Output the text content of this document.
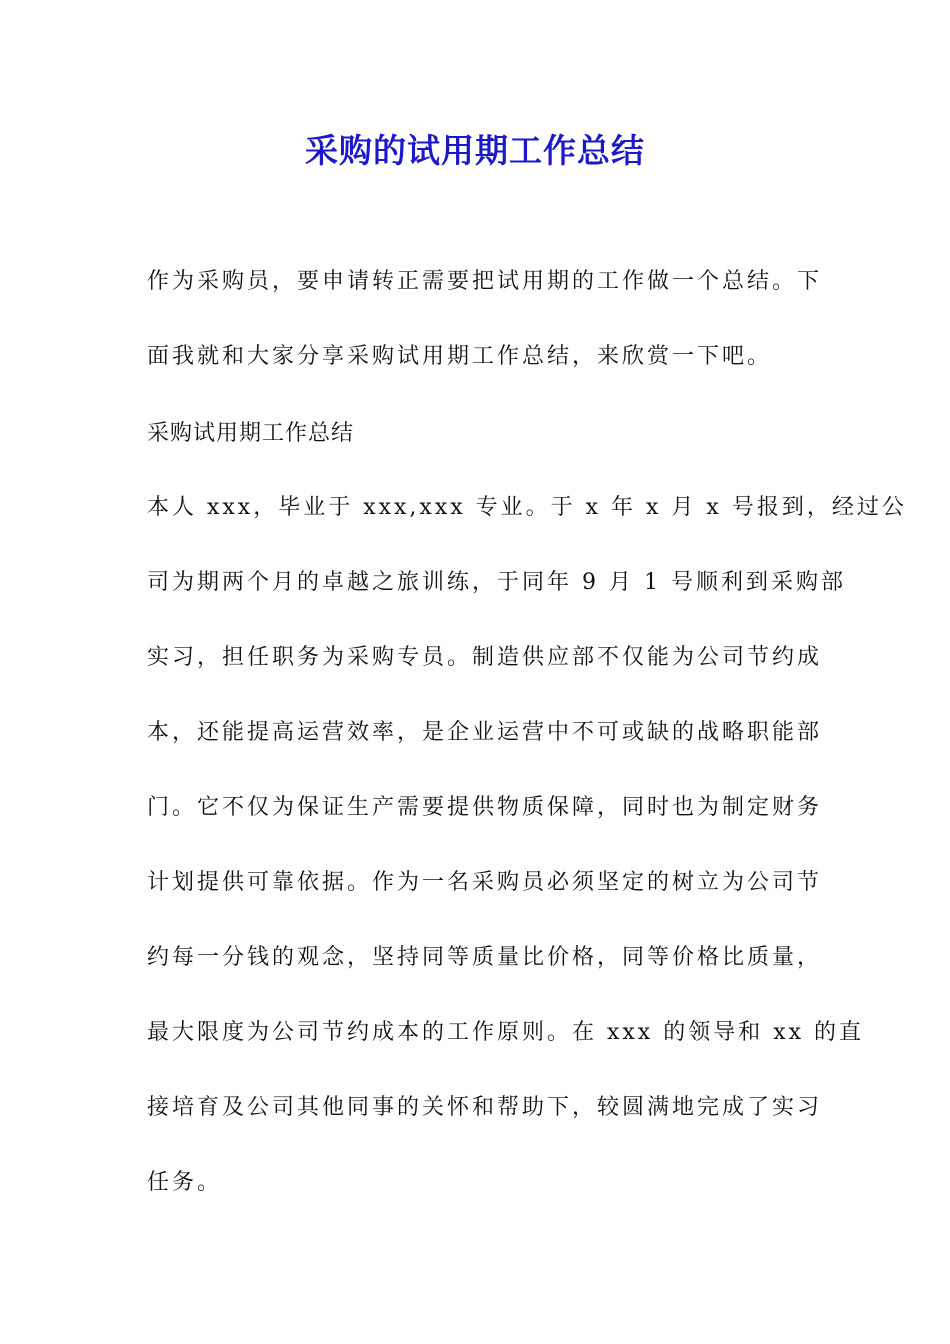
采购的试用期工作总结
作为采购员，要申请转正需要把试用期的工作做一个总结。下
面我就和大家分享采购试用期工作总结，来欣赏一下吧。
采购试用期工作总结
本人 xxx，毕业于 xxx,xxx 专业。于 x 年 x 月 x 号报到，经过公
司为期两个月的卓越之旅训练，于同年 9 月 1 号顺利到采购部
实习，担任职务为采购专员。制造供应部不仅能为公司节约成
本，还能提高运营效率，是企业运营中不可或缺的战略职能部
门。它不仅为保证生产需要提供物质保障，同时也为制定财务
计划提供可靠依据。作为一名采购员必须坚定的树立为公司节
约每一分钱的观念，坚持同等质量比价格，同等价格比质量，
最大限度为公司节约成本的工作原则。在 xxx 的领导和 xx 的直
接培育及公司其他同事的关怀和帮助下，较圆满地完成了实习
任务。
